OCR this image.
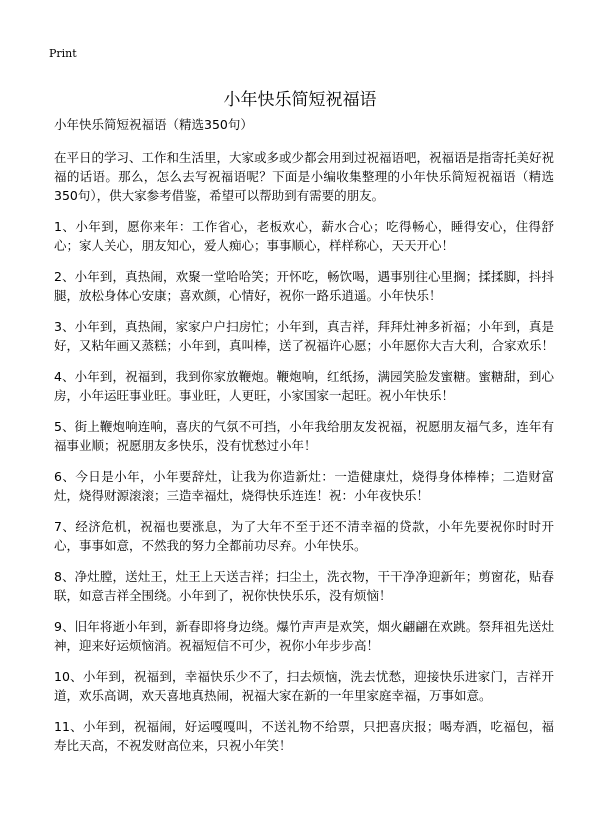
Print
小年快乐简短祝福语

小年快乐简短祝福语（精选350句）

在平日的学习、工作和生活里，大家或多或少都会用到过祝福语吧，祝福语是指寄托美好祝福的话语。那么，怎么去写祝福语呢？下面是小编收集整理的小年快乐简短祝福语（精选350句），供大家参考借鉴，希望可以帮助到有需要的朋友。

1、小年到，愿你来年：工作省心，老板欢心，薪水合心；吃得畅心，睡得安心，住得舒心；家人关心，朋友知心，爱人痴心；事事顺心，样样称心，天天开心！

2、小年到，真热闹，欢聚一堂哈哈笑；开怀吃，畅饮喝，遇事别往心里搁；揉揉脚，抖抖腿，放松身体心安康；喜欢颜，心情好，祝你一路乐逍遥。小年快乐！

3、小年到，真热闹，家家户户扫房忙；小年到，真吉祥，拜拜灶神多祈福；小年到，真是好，又粘年画又蒸糕；小年到，真叫棒，送了祝福许心愿；小年愿你大吉大利，合家欢乐！

4、小年到，祝福到，我到你家放鞭炮。鞭炮响，红纸扬，满园笑脸发蜜糖。蜜糖甜，到心房，小年运旺事业旺。事业旺，人更旺，小家国家一起旺。祝小年快乐！

5、街上鞭炮响连响，喜庆的气氛不可挡，小年我给朋友发祝福，祝愿朋友福气多，连年有福事业顺；祝愿朋友多快乐，没有忧愁过小年！

6、今日是小年，小年要辞灶，让我为你造新灶：一造健康灶，烧得身体棒棒；二造财富灶，烧得财源滚滚；三造幸福灶，烧得快乐连连！祝：小年夜快乐！

7、经济危机，祝福也要涨息，为了大年不至于还不清幸福的贷款，小年先要祝你时时开心，事事如意，不然我的努力全都前功尽弃。小年快乐。

8、净灶膛，送灶王，灶王上天送吉祥；扫尘土，洗衣物，干干净净迎新年；剪窗花，贴春联，如意吉祥全围绕。小年到了，祝你快快乐乐，没有烦恼！

9、旧年将逝小年到，新春即将身边绕。爆竹声声是欢笑，烟火翩翩在欢跳。祭拜祖先送灶神，迎来好运烦恼消。祝福短信不可少，祝你小年步步高！

10、小年到，祝福到，幸福快乐少不了，扫去烦恼，洗去忧愁，迎接快乐进家门，吉祥开道，欢乐高调，欢天喜地真热闹，祝福大家在新的一年里家庭幸福，万事如意。

11、小年到，祝福闹，好运嘎嘎叫，不送礼物不给票，只把喜庆报；喝寿酒，吃福包，福寿比天高，不祝发财高位来，只祝小年笑！
